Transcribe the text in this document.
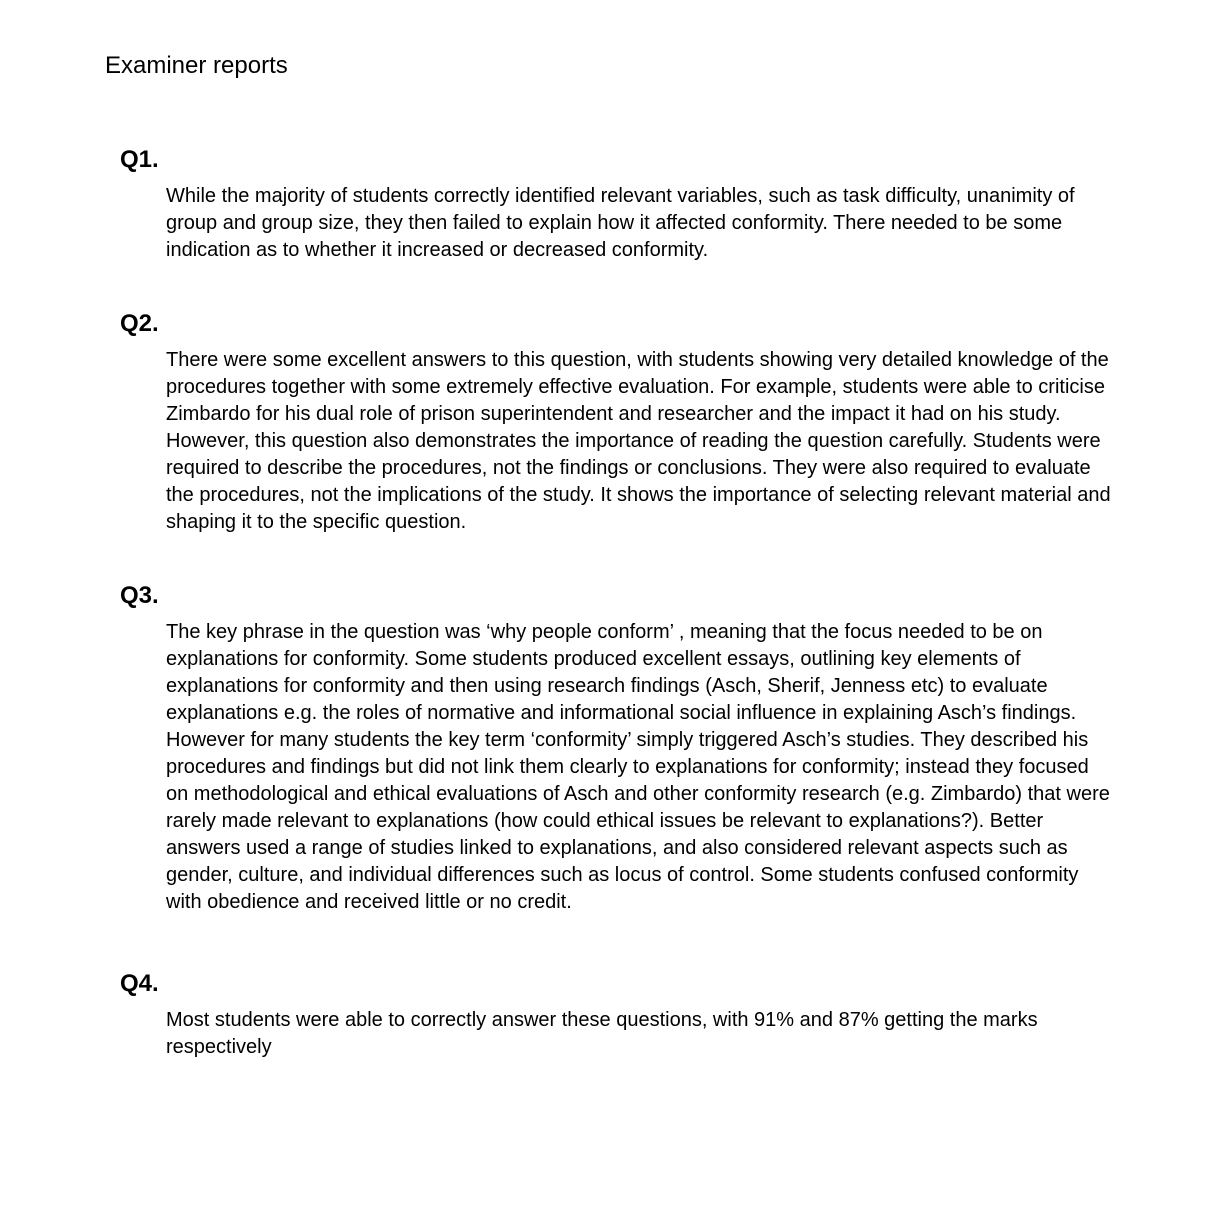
Examiner reports
Q1.

While the majority of students correctly identified relevant variables, such as task difficulty, unanimity of group and group size, they then failed to explain how it affected conformity. There needed to be some indication as to whether it increased or decreased conformity.

Q2.

There were some excellent answers to this question, with students showing very detailed knowledge of the procedures together with some extremely effective evaluation. For example, students were able to criticise Zimbardo for his dual role of prison superintendent and researcher and the impact it had on his study. However, this question also demonstrates the importance of reading the question carefully. Students were required to describe the procedures, not the findings or conclusions. They were also required to evaluate the procedures, not the implications of the study. It shows the importance of selecting relevant material and shaping it to the specific question.

Q3.

The key phrase in the question was ‘why people conform’ , meaning that the focus needed to be on explanations for conformity. Some students produced excellent essays, outlining key elements of explanations for conformity and then using research findings (Asch, Sherif, Jenness etc) to evaluate explanations e.g. the roles of normative and informational social influence in explaining Asch’s findings. However for many students the key term ‘conformity’ simply triggered Asch’s studies. They described his procedures and findings but did not link them clearly to explanations for conformity; instead they focused on methodological and ethical evaluations of Asch and other conformity research (e.g. Zimbardo) that were rarely made relevant to explanations (how could ethical issues be relevant to explanations?). Better answers used a range of studies linked to explanations, and also considered relevant aspects such as gender, culture, and individual differences such as locus of control. Some students confused conformity with obedience and received little or no credit.

Q4.

Most students were able to correctly answer these questions, with 91% and 87% getting the marks respectively
